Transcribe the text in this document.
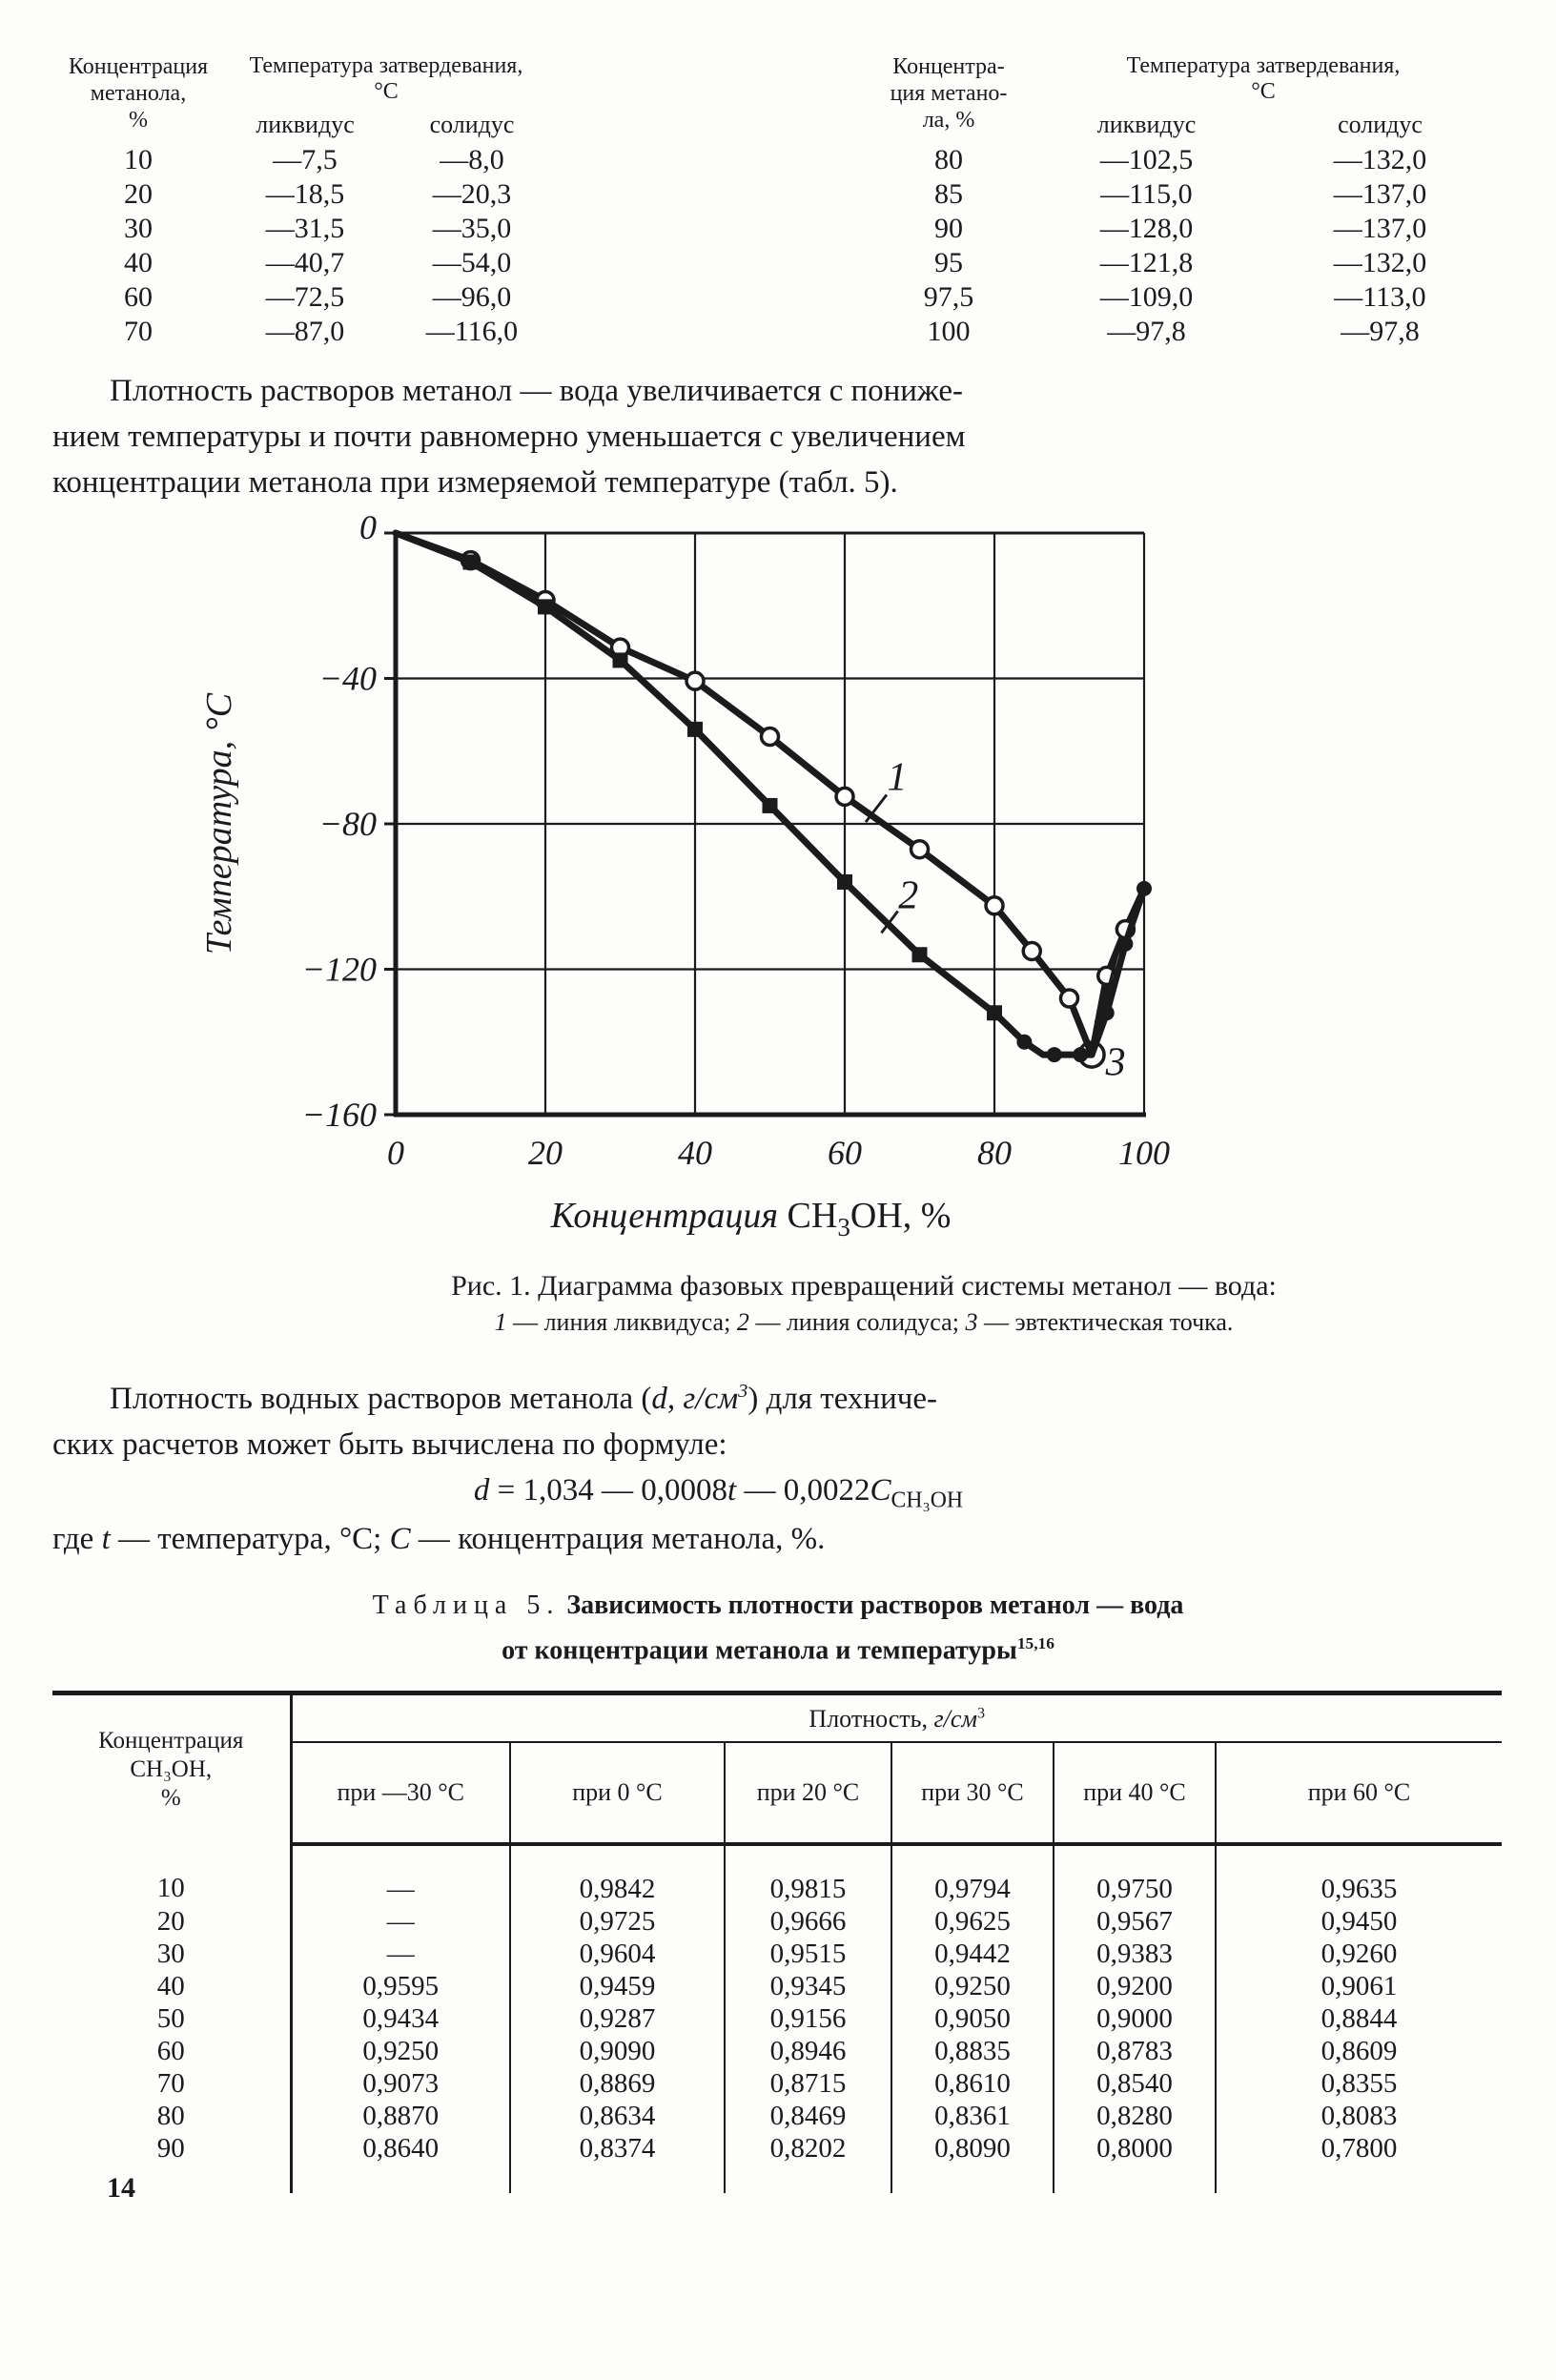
Концентрация
метанола,
%

Температура затвердевания,
°С

	ликвидус	солидус
10	—7,5	—8,0
20	—18,5	—20,3
30	—31,5	—35,0
40	—40,7	—54,0
60	—72,5	—96,0
70	—87,0	—116,0
Концентра-
ция метано-
ла, %

Температура затвердевания,
°С

	ликвидус	солидус
80	—102,5	—132,0
85	—115,0	—137,0
90	—128,0	—137,0
95	—121,8	—132,0
97,5	—109,0	—113,0
100	—97,8	—97,8
Плотность растворов метанол — вода увеличивается с пониже-
нием температуры и почти равномерно уменьшается с увеличением
концентрации метанола при измеряемой температуре (табл. 5).
1
2
3
0	20	40	60	80	100
0
−40
−80
−120
−160
Температура, °С
Концентрация $СН_3ОН$, %
Рис. 1. Диаграмма фазовых превращений системы метанол — вода:
1 — линия ликвидуса; 2 — линия солидуса; 3 — эвтектическая точка.
Плотность водных растворов метанола (d, $г/см^3$) для техниче-
ских расчетов может быть вычислена по формуле:
d = 1,034 — 0,0008t — $0,0022C_{СН_3ОН}$
где t — температура, °С; С — концентрация метанола, %.
Таблица 5. Зависимость плотности растворов метанол — вода
от концентрации метанола и температуры$^{15,16}$
Концентрация
СН₃ОН,
%	Плотность, $г/см^3$
	при —30 °С	при 0 °С	при 20 °С	при 30 °С	при 40 °С	при 60 °С
10	—	0,9842	0,9815	0,9794	0,9750	0,9635
20	—	0,9725	0,9666	0,9625	0,9567	0,9450
30	—	0,9604	0,9515	0,9442	0,9383	0,9260
40	0,9595	0,9459	0,9345	0,9250	0,9200	0,9061
50	0,9434	0,9287	0,9156	0,9050	0,9000	0,8844
60	0,9250	0,9090	0,8946	0,8835	0,8783	0,8609
70	0,9073	0,8869	0,8715	0,8610	0,8540	0,8355
80	0,8870	0,8634	0,8469	0,8361	0,8280	0,8083
90	0,8640	0,8374	0,8202	0,8090	0,8000	0,7800

14
